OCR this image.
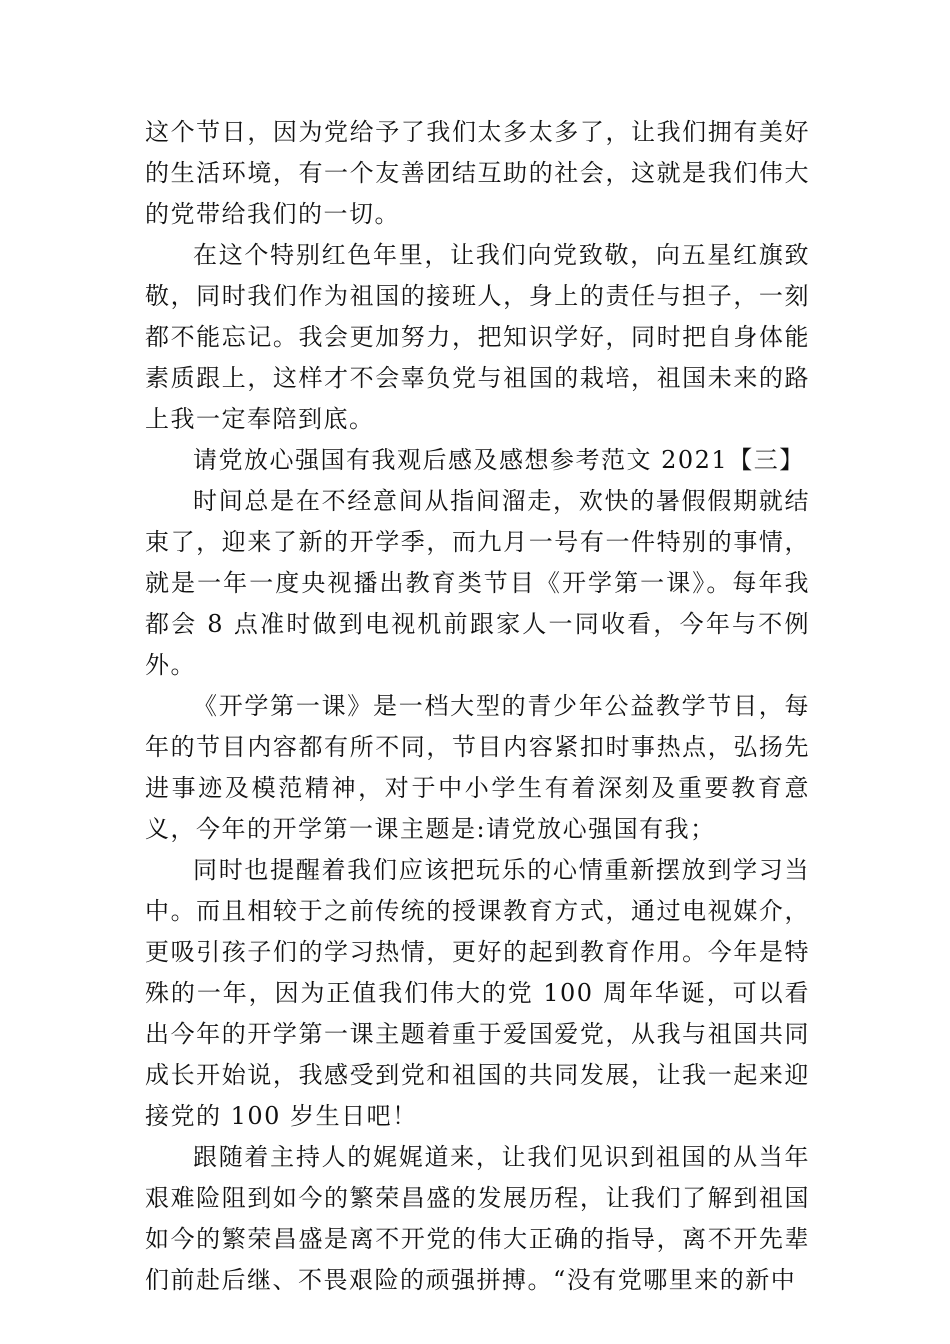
这个节日，因为党给予了我们太多太多了，让我们拥有美好的生活环境，有一个友善团结互助的社会，这就是我们伟大的党带给我们的一切。

在这个特别红色年里，让我们向党致敬，向五星红旗致敬，同时我们作为祖国的接班人，身上的责任与担子，一刻都不能忘记。我会更加努力，把知识学好，同时把自身体能素质跟上，这样才不会辜负党与祖国的栽培，祖国未来的路上我一定奉陪到底。

请党放心强国有我观后感及感想参考范文 2021【三】

时间总是在不经意间从指间溜走，欢快的暑假假期就结束了，迎来了新的开学季，而九月一号有一件特别的事情，就是一年一度央视播出教育类节目《开学第一课》。每年我都会 8 点准时做到电视机前跟家人一同收看，今年与不例外。

《开学第一课》是一档大型的青少年公益教学节目，每年的节目内容都有所不同，节目内容紧扣时事热点，弘扬先进事迹及模范精神，对于中小学生有着深刻及重要教育意义，今年的开学第一课主题是:请党放心强国有我；

同时也提醒着我们应该把玩乐的心情重新摆放到学习当中。而且相较于之前传统的授课教育方式，通过电视媒介，更吸引孩子们的学习热情，更好的起到教育作用。今年是特殊的一年，因为正值我们伟大的党 100 周年华诞，可以看出今年的开学第一课主题着重于爱国爱党，从我与祖国共同成长开始说，我感受到党和祖国的共同发展，让我一起来迎接党的 100 岁生日吧！

跟随着主持人的娓娓道来，让我们见识到祖国的从当年艰难险阻到如今的繁荣昌盛的发展历程，让我们了解到祖国如今的繁荣昌盛是离不开党的伟大正确的指导，离不开先辈们前赴后继、不畏艰险的顽强拼搏。“没有党哪里来的新中
